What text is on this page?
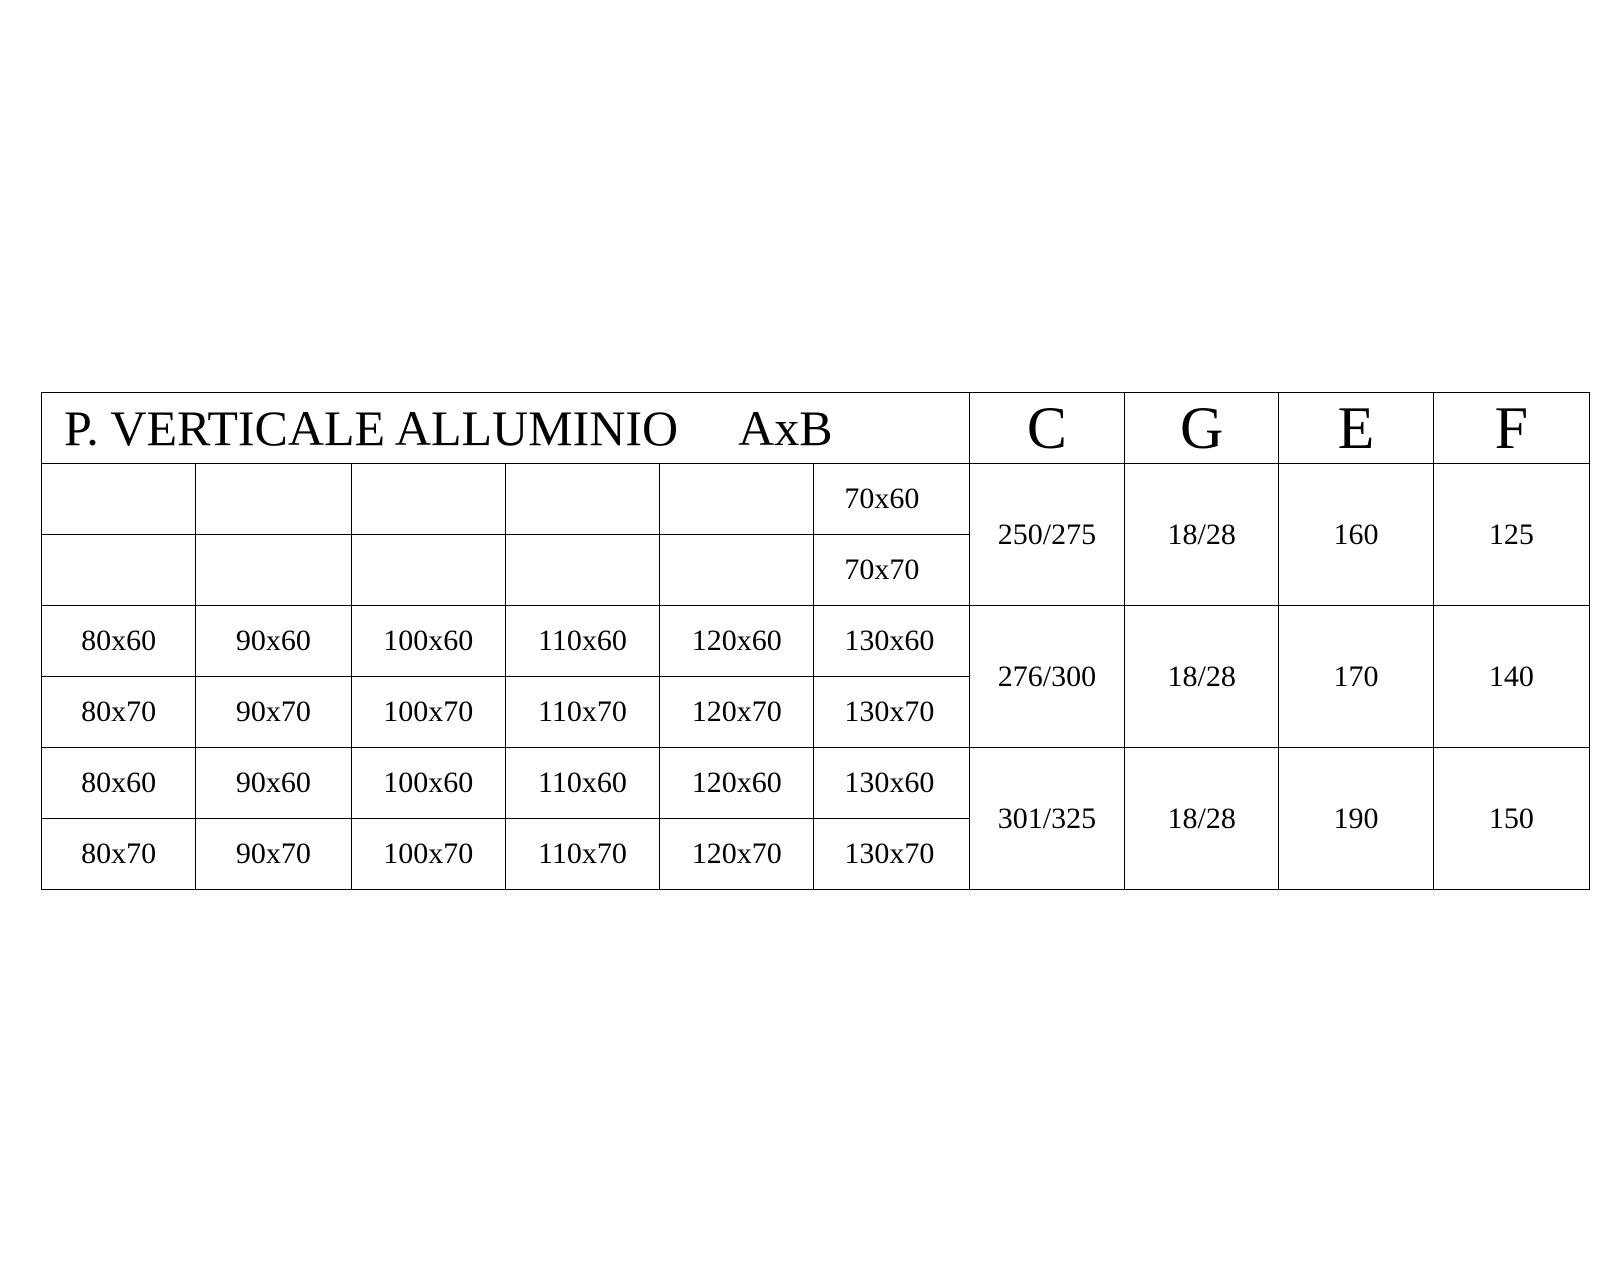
P. VERTICALE ALLUMINIO AxB						C	G	E	F
					70x60	250/275	18/28	160	125
					70x70				
80x60	90x60	100x60	110x60	120x60	130x60	276/300	18/28	170	140
80x70	90x70	100x70	110x70	120x70	130x70				
80x60	90x60	100x60	110x60	120x60	130x60	301/325	18/28	190	150
80x70	90x70	100x70	110x70	120x70	130x70				
